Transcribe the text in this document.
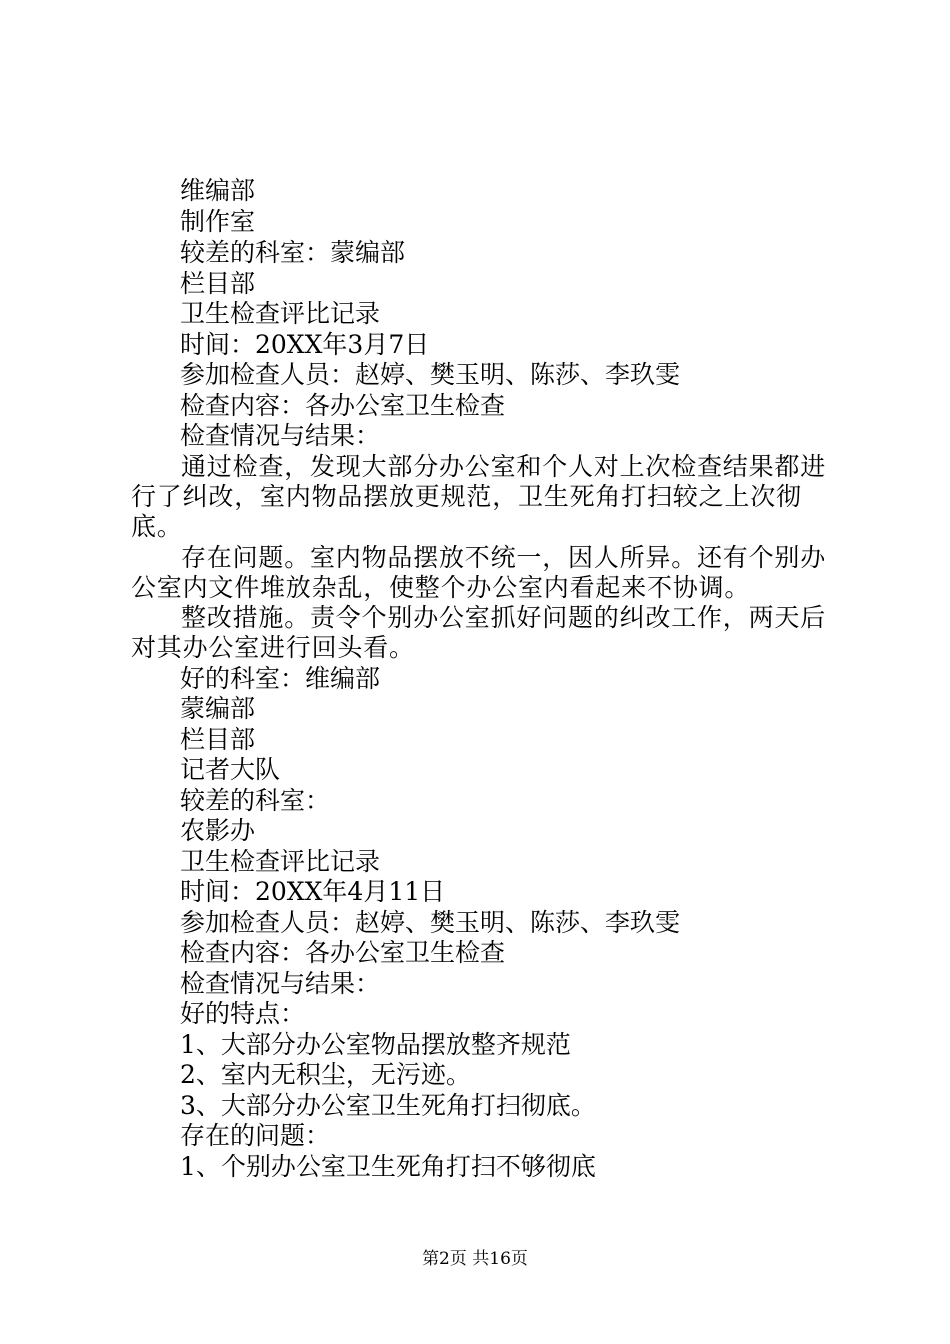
维编部
制作室
较差的科室：蒙编部
栏目部
卫生检查评比记录
时间：20XX年3月7日
参加检查人员：赵婷、樊玉明、陈莎、李玖雯
检查内容：各办公室卫生检查
检查情况与结果：
通过检查，发现大部分办公室和个人对上次检查结果都进行了纠改，室内物品摆放更规范，卫生死角打扫较之上次彻底。
存在问题。室内物品摆放不统一，因人所异。还有个别办公室内文件堆放杂乱，使整个办公室内看起来不协调。
整改措施。责令个别办公室抓好问题的纠改工作，两天后对其办公室进行回头看。
好的科室：维编部
蒙编部
栏目部
记者大队
较差的科室：
农影办
卫生检查评比记录
时间：20XX年4月11日
参加检查人员：赵婷、樊玉明、陈莎、李玖雯
检查内容：各办公室卫生检查
检查情况与结果：
好的特点：
1、大部分办公室物品摆放整齐规范
2、室内无积尘，无污迹。
3、大部分办公室卫生死角打扫彻底。
存在的问题：
1、个别办公室卫生死角打扫不够彻底
第2页 共16页
